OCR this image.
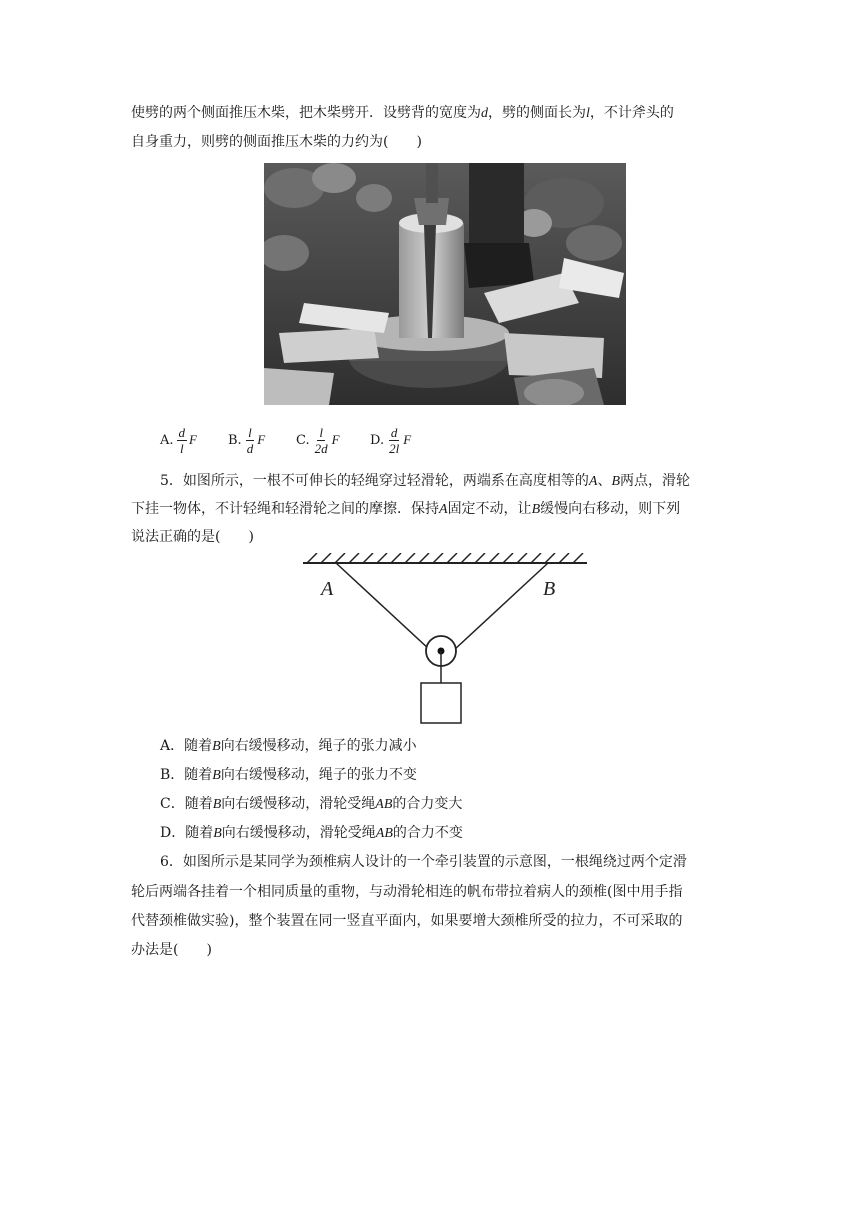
使劈的两个侧面推压木柴，把木柴劈开．设劈背的宽度为d，劈的侧面长为l，不计斧头的
自身重力，则劈的侧面推压木柴的力约为(　　)
A. $\frac{d}{l}$ F B. $\frac{l}{d}$ F C. $\frac{l}{2d}$ F D. $\frac{d}{2l}$ F
5．如图所示，一根不可伸长的轻绳穿过轻滑轮，两端系在高度相等的A、B两点，滑轮
下挂一物体，不计轻绳和轻滑轮之间的摩擦．保持A固定不动，让B缓慢向右移动，则下列
说法正确的是(　　)
A	B
A．随着B向右缓慢移动，绳子的张力减小
B．随着B向右缓慢移动，绳子的张力不变
C．随着B向右缓慢移动，滑轮受绳AB的合力变大
D．随着B向右缓慢移动，滑轮受绳AB的合力不变
6．如图所示是某同学为颈椎病人设计的一个牵引装置的示意图，一根绳绕过两个定滑
轮后两端各挂着一个相同质量的重物，与动滑轮相连的帆布带拉着病人的颈椎(图中用手指
代替颈椎做实验)，整个装置在同一竖直平面内，如果要增大颈椎所受的拉力，不可采取的
办法是(　　)
